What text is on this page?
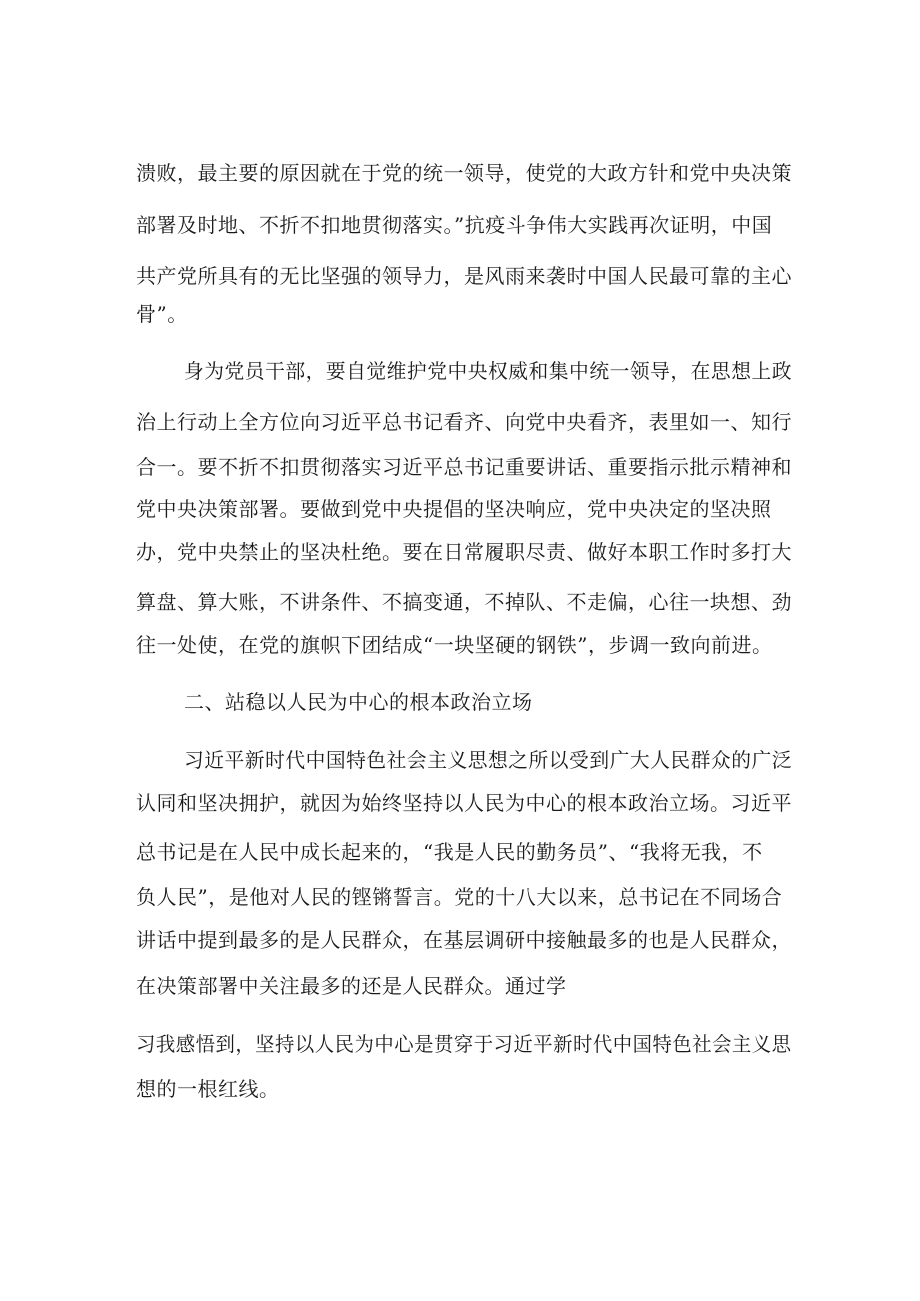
溃败，最主要的原因就在于党的统一领导，使党的大政方针和党中央决策
部署及时地、不折不扣地贯彻落实。”抗疫斗争伟大实践再次证明，中国
共产党所具有的无比坚强的领导力，是风雨来袭时中国人民最可靠的主心
骨”。
身为党员干部，要自觉维护党中央权威和集中统一领导，在思想上政
治上行动上全方位向习近平总书记看齐、向党中央看齐，表里如一、知行
合一。要不折不扣贯彻落实习近平总书记重要讲话、重要指示批示精神和
党中央决策部署。要做到党中央提倡的坚决响应，党中央决定的坚决照
办，党中央禁止的坚决杜绝。要在日常履职尽责、做好本职工作时多打大
算盘、算大账，不讲条件、不搞变通，不掉队、不走偏，心往一块想、劲
往一处使，在党的旗帜下团结成“一块坚硬的钢铁”，步调一致向前进。
二、站稳以人民为中心的根本政治立场
习近平新时代中国特色社会主义思想之所以受到广大人民群众的广泛
认同和坚决拥护，就因为始终坚持以人民为中心的根本政治立场。习近平
总书记是在人民中成长起来的，“我是人民的勤务员”、“我将无我，不
负人民”，是他对人民的铿锵誓言。党的十八大以来，总书记在不同场合
讲话中提到最多的是人民群众，在基层调研中接触最多的也是人民群众，
在决策部署中关注最多的还是人民群众。通过学
习我感悟到，坚持以人民为中心是贯穿于习近平新时代中国特色社会主义思
想的一根红线。
